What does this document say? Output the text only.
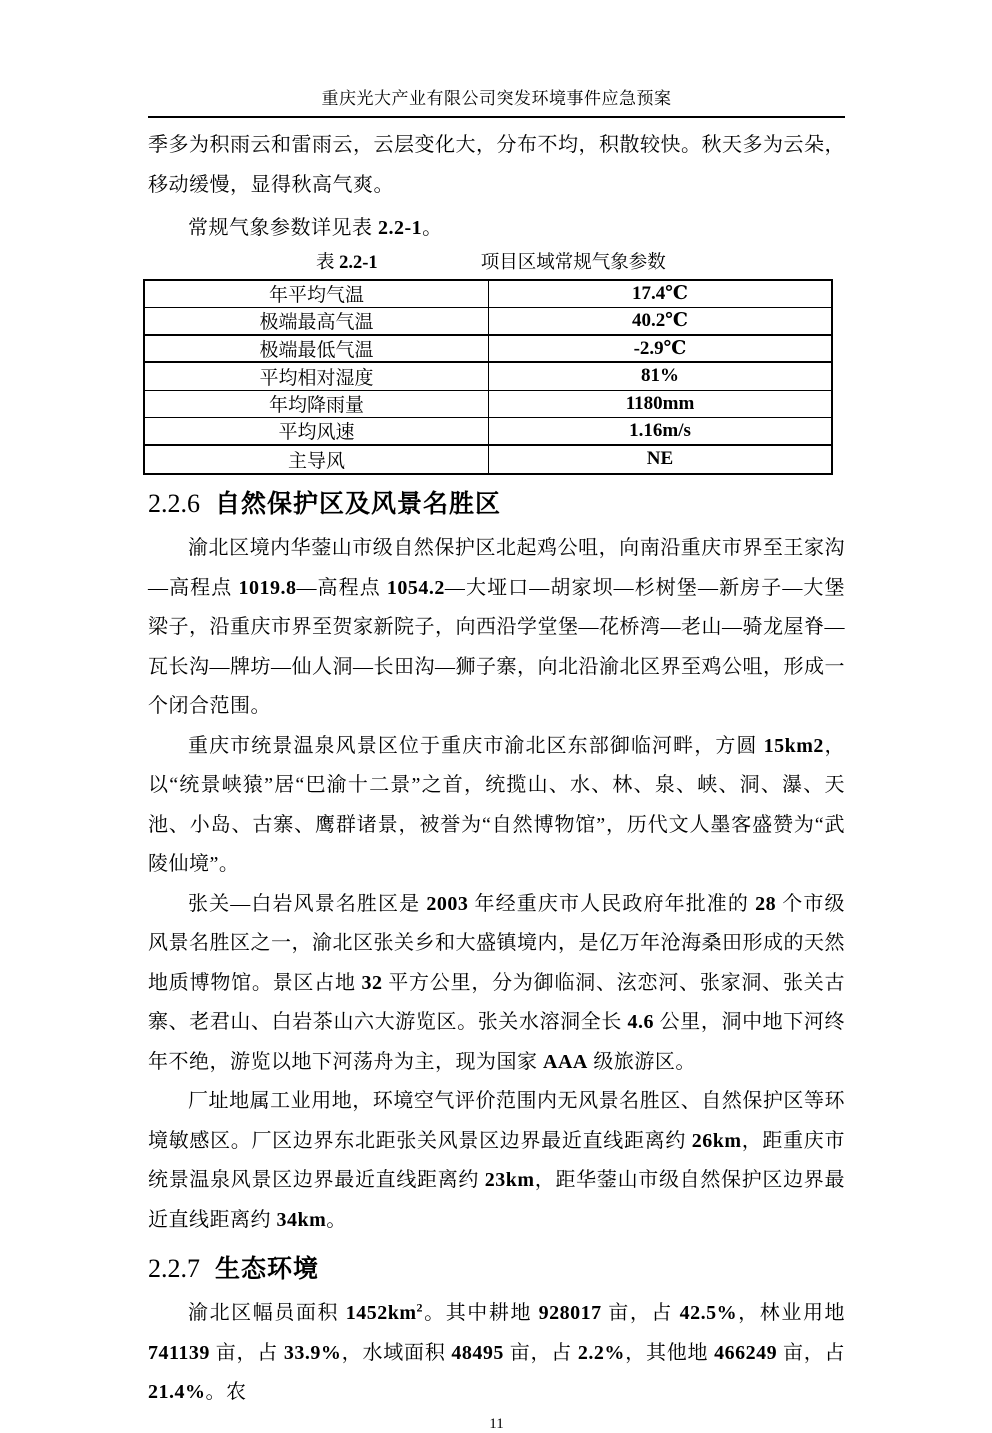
重庆光大产业有限公司突发环境事件应急预案

季多为积雨云和雷雨云，云层变化大，分布不均，积散较快。秋天多为云朵，移动缓慢，显得秋高气爽。

常规气象参数详见表 2.2-1。

表 2.2-1	项目区域常规气象参数
年平均气温	17.4℃
极端最高气温	40.2℃
极端最低气温	-2.9℃
平均相对湿度	81%
年均降雨量	1180mm
平均风速	1.16m/s
主导风	NE
2.2.6 自然保护区及风景名胜区

渝北区境内华蓥山市级自然保护区北起鸡公咀，向南沿重庆市界至王家沟—高程点 1019.8—高程点 1054.2—大垭口—胡家坝—杉树堡—新房子—大堡梁子，沿重庆市界至贺家新院子，向西沿学堂堡—花桥湾—老山—骑龙屋脊—瓦长沟—牌坊—仙人洞—长田沟—狮子寨，向北沿渝北区界至鸡公咀，形成一个闭合范围。

重庆市统景温泉风景区位于重庆市渝北区东部御临河畔，方圆 15km2，以“统景峡猿”居“巴渝十二景”之首，统揽山、水、林、泉、峡、洞、瀑、天池、小岛、古寨、鹰群诸景，被誉为“自然博物馆”，历代文人墨客盛赞为“武陵仙境”。

张关—白岩风景名胜区是 2003 年经重庆市人民政府年批准的 28 个市级风景名胜区之一，渝北区张关乡和大盛镇境内，是亿万年沧海桑田形成的天然地质博物馆。景区占地 32 平方公里，分为御临洞、泫恋河、张家洞、张关古寨、老君山、白岩茶山六大游览区。张关水溶洞全长 4.6 公里，洞中地下河终年不绝，游览以地下河荡舟为主，现为国家 AAA 级旅游区。

厂址地属工业用地，环境空气评价范围内无风景名胜区、自然保护区等环境敏感区。厂区边界东北距张关风景区边界最近直线距离约 26km，距重庆市统景温泉风景区边界最近直线距离约 23km，距华蓥山市级自然保护区边界最近直线距离约 34km。

2.2.7 生态环境

渝北区幅员面积 $1452km^2$。其中耕地 928017 亩，占 42.5%，林业用地 741139 亩，占 33.9%，水域面积 48495 亩，占 2.2%，其他地 466249 亩，占 21.4%。农

11
